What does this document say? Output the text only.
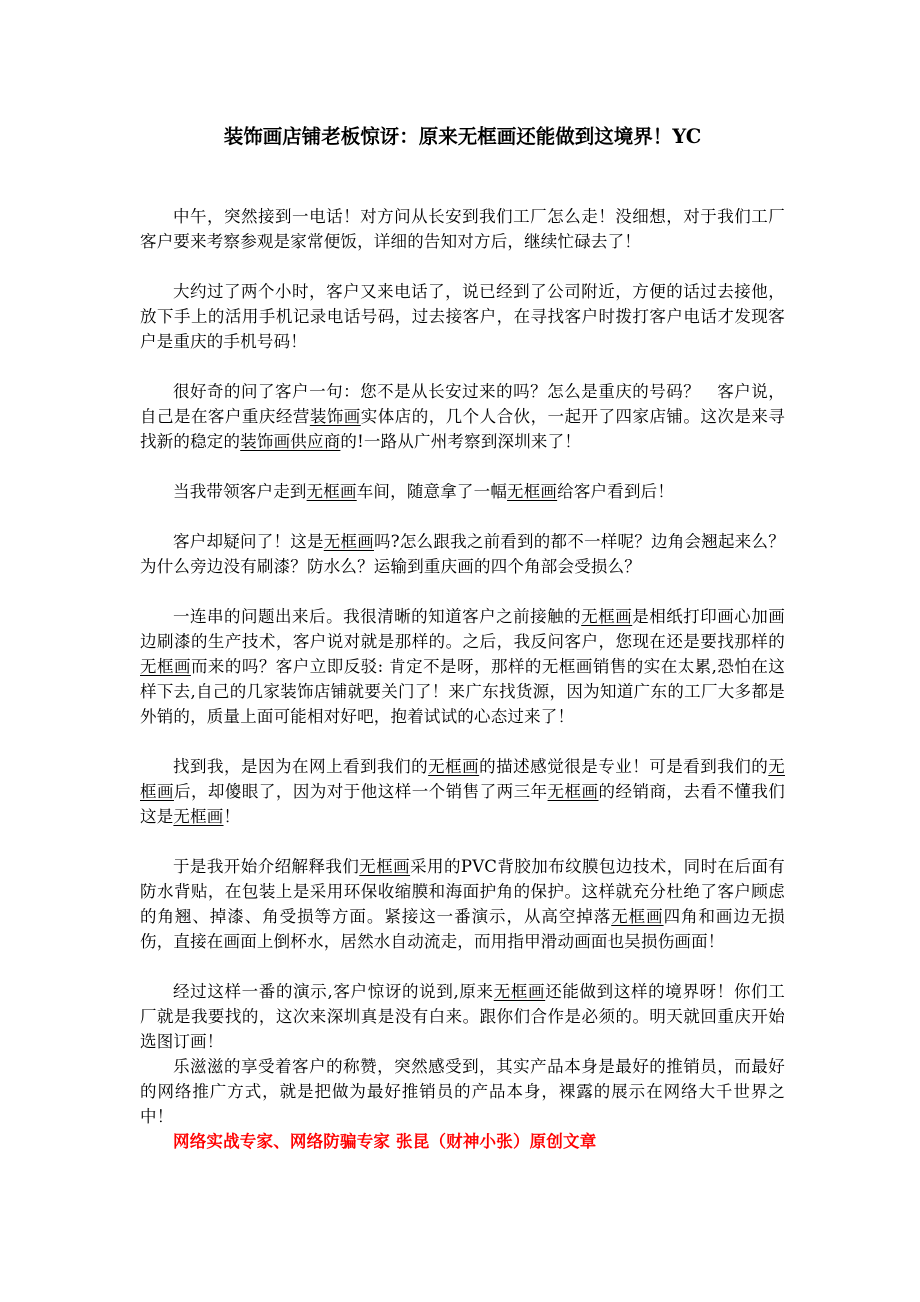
装饰画店铺老板惊讶：原来无框画还能做到这境界！YC

中午，突然接到一电话！对方问从长安到我们工厂怎么走！没细想，对于我们工厂客户要来考察参观是家常便饭，详细的告知对方后，继续忙碌去了！

大约过了两个小时，客户又来电话了，说已经到了公司附近，方便的话过去接他，放下手上的活用手机记录电话号码，过去接客户，在寻找客户时拨打客户电话才发现客户是重庆的手机号码！

很好奇的问了客户一句：您不是从长安过来的吗？怎么是重庆的号码？　客户说，自己是在客户重庆经营装饰画实体店的，几个人合伙，一起开了四家店铺。这次是来寻找新的稳定的装饰画供应商的!一路从广州考察到深圳来了！

当我带领客户走到无框画车间，随意拿了一幅无框画给客户看到后！

客户却疑问了！这是无框画吗?怎么跟我之前看到的都不一样呢？边角会翘起来么？为什么旁边没有刷漆？防水么？运输到重庆画的四个角部会受损么？

一连串的问题出来后。我很清晰的知道客户之前接触的无框画是相纸打印画心加画边刷漆的生产技术，客户说对就是那样的。之后，我反问客户，您现在还是要找那样的无框画而来的吗？客户立即反驳: 肯定不是呀，那样的无框画销售的实在太累,恐怕在这样下去,自己的几家装饰店铺就要关门了！来广东找货源，因为知道广东的工厂大多都是外销的，质量上面可能相对好吧，抱着试试的心态过来了！

找到我，是因为在网上看到我们的无框画的描述感觉很是专业！可是看到我们的无框画后，却傻眼了，因为对于他这样一个销售了两三年无框画的经销商，去看不懂我们这是无框画！

于是我开始介绍解释我们无框画采用的PVC背胶加布纹膜包边技术，同时在后面有防水背贴，在包装上是采用环保收缩膜和海面护角的保护。这样就充分杜绝了客户顾虑的角翘、掉漆、角受损等方面。紧接这一番演示，从高空掉落无框画四角和画边无损伤，直接在画面上倒杯水，居然水自动流走，而用指甲滑动画面也吴损伤画面！

经过这样一番的演示,客户惊讶的说到,原来无框画还能做到这样的境界呀！你们工厂就是我要找的，这次来深圳真是没有白来。跟你们合作是必须的。明天就回重庆开始选图订画！

乐滋滋的享受着客户的称赞，突然感受到，其实产品本身是最好的推销员，而最好的网络推广方式，就是把做为最好推销员的产品本身，裸露的展示在网络大千世界之中！

网络实战专家、网络防骗专家 张昆（财神小张）原创文章
